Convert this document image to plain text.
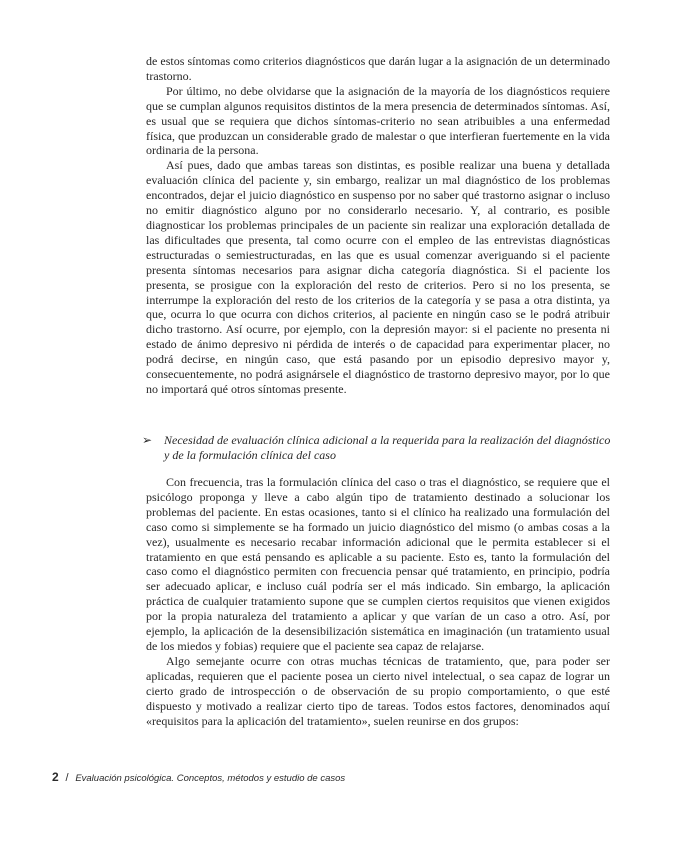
de estos síntomas como criterios diagnósticos que darán lugar a la asignación de un determinado trastorno.

Por último, no debe olvidarse que la asignación de la mayoría de los diagnósticos requiere que se cumplan algunos requisitos distintos de la mera presencia de determinados síntomas. Así, es usual que se requiera que dichos síntomas-criterio no sean atribuibles a una enfermedad física, que produzcan un considerable grado de malestar o que interfieran fuertemente en la vida ordinaria de la persona.

Así pues, dado que ambas tareas son distintas, es posible realizar una buena y detallada evaluación clínica del paciente y, sin embargo, realizar un mal diagnóstico de los problemas encontrados, dejar el juicio diagnóstico en suspenso por no saber qué trastorno asignar o incluso no emitir diagnóstico alguno por no considerarlo necesario. Y, al contrario, es posible diagnosticar los problemas principales de un paciente sin realizar una exploración detallada de las dificultades que presenta, tal como ocurre con el empleo de las entrevistas diagnósticas estructuradas o semiestructuradas, en las que es usual comenzar averiguando si el paciente presenta síntomas necesarios para asignar dicha categoría diagnóstica. Si el paciente los presenta, se prosigue con la exploración del resto de criterios. Pero si no los presenta, se interrumpe la exploración del resto de los criterios de la categoría y se pasa a otra distinta, ya que, ocurra lo que ocurra con dichos criterios, al paciente en ningún caso se le podrá atribuir dicho trastorno. Así ocurre, por ejemplo, con la depresión mayor: si el paciente no presenta ni estado de ánimo depresivo ni pérdida de interés o de capacidad para experimentar placer, no podrá decirse, en ningún caso, que está pasando por un episodio depresivo mayor y, consecuentemente, no podrá asignársele el diagnóstico de trastorno depresivo mayor, por lo que no importará qué otros síntomas presente.

➢ Necesidad de evaluación clínica adicional a la requerida para la realización del diagnóstico y de la formulación clínica del caso

Con frecuencia, tras la formulación clínica del caso o tras el diagnóstico, se requiere que el psicólogo proponga y lleve a cabo algún tipo de tratamiento destinado a solucionar los problemas del paciente. En estas ocasiones, tanto si el clínico ha realizado una formulación del caso como si simplemente se ha formado un juicio diagnóstico del mismo (o ambas cosas a la vez), usualmente es necesario recabar información adicional que le permita establecer si el tratamiento en que está pensando es aplicable a su paciente. Esto es, tanto la formulación del caso como el diagnóstico permiten con frecuencia pensar qué tratamiento, en principio, podría ser adecuado aplicar, e incluso cuál podría ser el más indicado. Sin embargo, la aplicación práctica de cualquier tratamiento supone que se cumplen ciertos requisitos que vienen exigidos por la propia naturaleza del tratamiento a aplicar y que varían de un caso a otro. Así, por ejemplo, la aplicación de la desensibilización sistemática en imaginación (un tratamiento usual de los miedos y fobias) requiere que el paciente sea capaz de relajarse.

Algo semejante ocurre con otras muchas técnicas de tratamiento, que, para poder ser aplicadas, requieren que el paciente posea un cierto nivel intelectual, o sea capaz de lograr un cierto grado de introspección o de observación de su propio comportamiento, o que esté dispuesto y motivado a realizar cierto tipo de tareas. Todos estos factores, denominados aquí «requisitos para la aplicación del tratamiento», suelen reunirse en dos grupos:

2 / Evaluación psicológica. Conceptos, métodos y estudio de casos
